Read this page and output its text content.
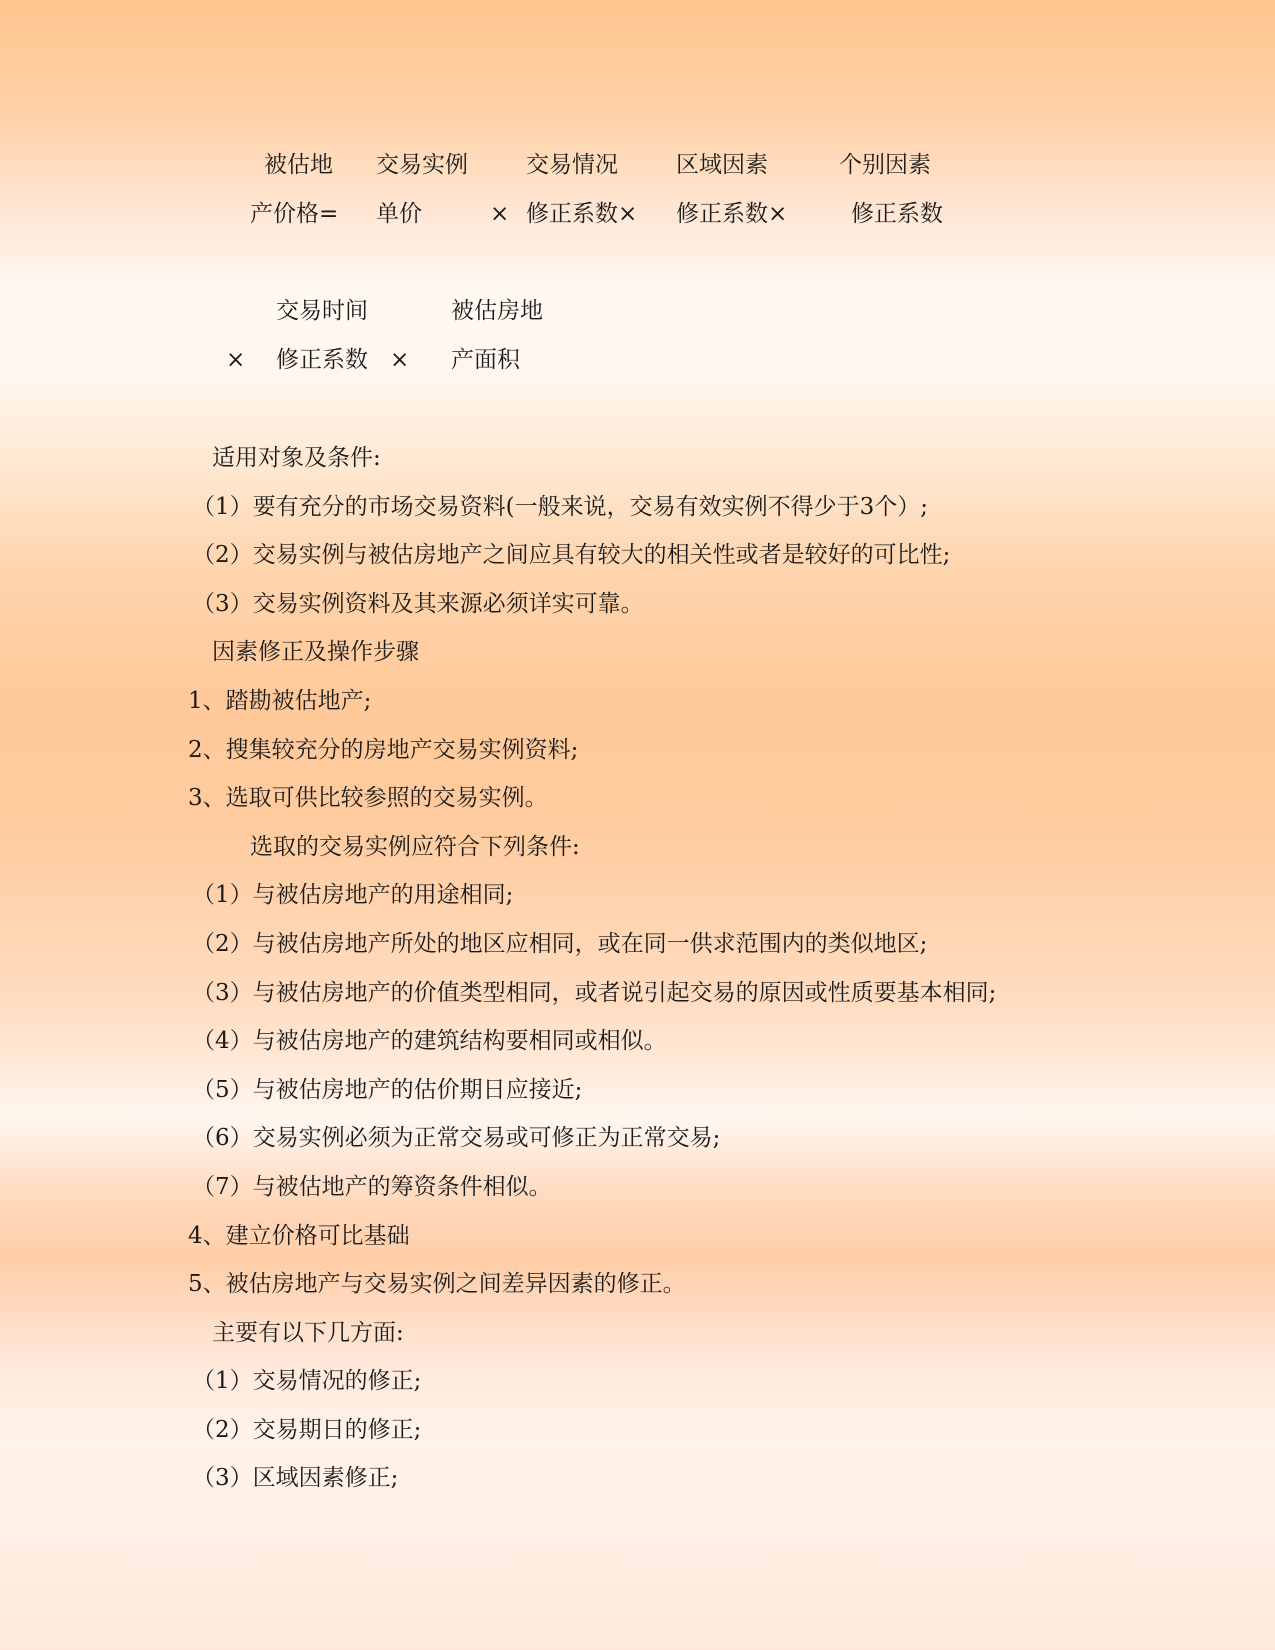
被估地 交易实例	交易情况	区域因素	个别因素
产价格= 单价	× 修正系数× 修正系数×	修正系数
交易时间	被估房地
× 修正系数 × 产面积
适用对象及条件:
（1）要有充分的市场交易资料(一般来说，交易有效实例不得少于3个）;
（2）交易实例与被估房地产之间应具有较大的相关性或者是较好的可比性;
（3）交易实例资料及其来源必须详实可靠。
因素修正及操作步骤
1、踏勘被估地产;
2、搜集较充分的房地产交易实例资料;
3、选取可供比较参照的交易实例。
选取的交易实例应符合下列条件:
（1）与被估房地产的用途相同;
（2）与被估房地产所处的地区应相同，或在同一供求范围内的类似地区;
（3）与被估房地产的价值类型相同，或者说引起交易的原因或性质要基本相同;
（4）与被估房地产的建筑结构要相同或相似。
（5）与被估房地产的估价期日应接近;
（6）交易实例必须为正常交易或可修正为正常交易;
（7）与被估地产的筹资条件相似。
4、建立价格可比基础
5、被估房地产与交易实例之间差异因素的修正。
主要有以下几方面:
（1）交易情况的修正;
（2）交易期日的修正;
（3）区域因素修正;
